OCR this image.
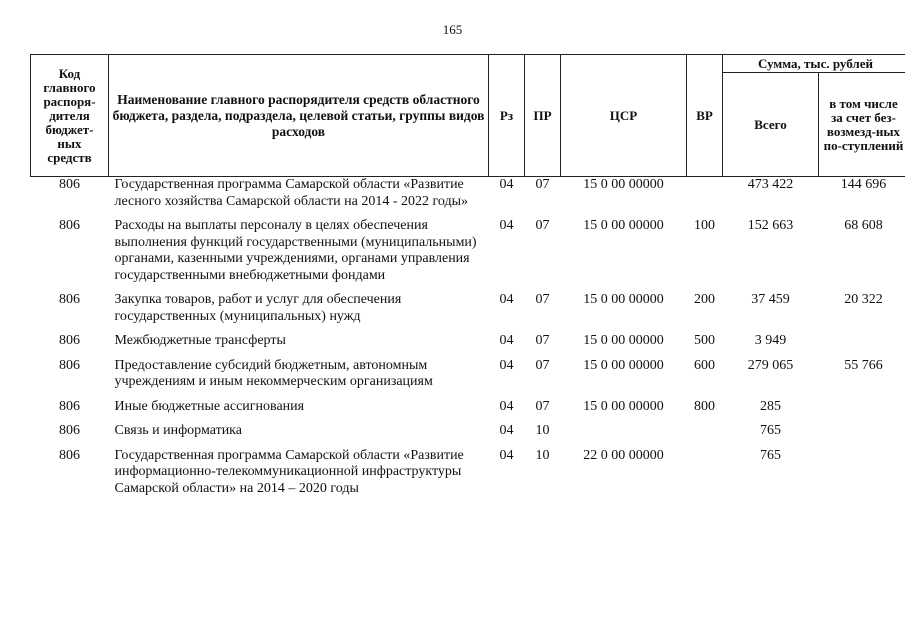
165
Код главного распоря-дителя бюджет-ных средств	Наименование главного распорядителя средств областного бюджета, раздела, подраздела, целевой статьи, группы видов расходов	Рз	ПР	ЦСР	ВР	Сумма, тыс. рублей	
						Всего	в том числе за счет без-возмезд-ных по-ступлений
806	Государственная программа Самарской области «Развитие лесного хозяйства Самарской области на 2014 - 2022 годы»	04	07	15 0 00 00000		473 422	144 696
806	Расходы на выплаты персоналу в целях обеспечения выполнения функций государственными (муниципальными) органами, казенными учреждениями, органами управления государственными внебюджетными фондами	04	07	15 0 00 00000	100	152 663	68 608
806	Закупка товаров, работ и услуг для обеспечения государственных (муниципальных) нужд	04	07	15 0 00 00000	200	37 459	20 322
806	Межбюджетные трансферты	04	07	15 0 00 00000	500	3 949	
806	Предоставление субсидий бюджетным, автономным учреждениям и иным некоммерческим организациям	04	07	15 0 00 00000	600	279 065	55 766
806	Иные бюджетные ассигнования	04	07	15 0 00 00000	800	285	
806	Связь и информатика	04	10			765	
806	Государственная программа Самарской области «Развитие информационно-телекоммуникационной инфраструктуры Самарской области» на 2014 – 2020 годы	04	10	22 0 00 00000		765	
